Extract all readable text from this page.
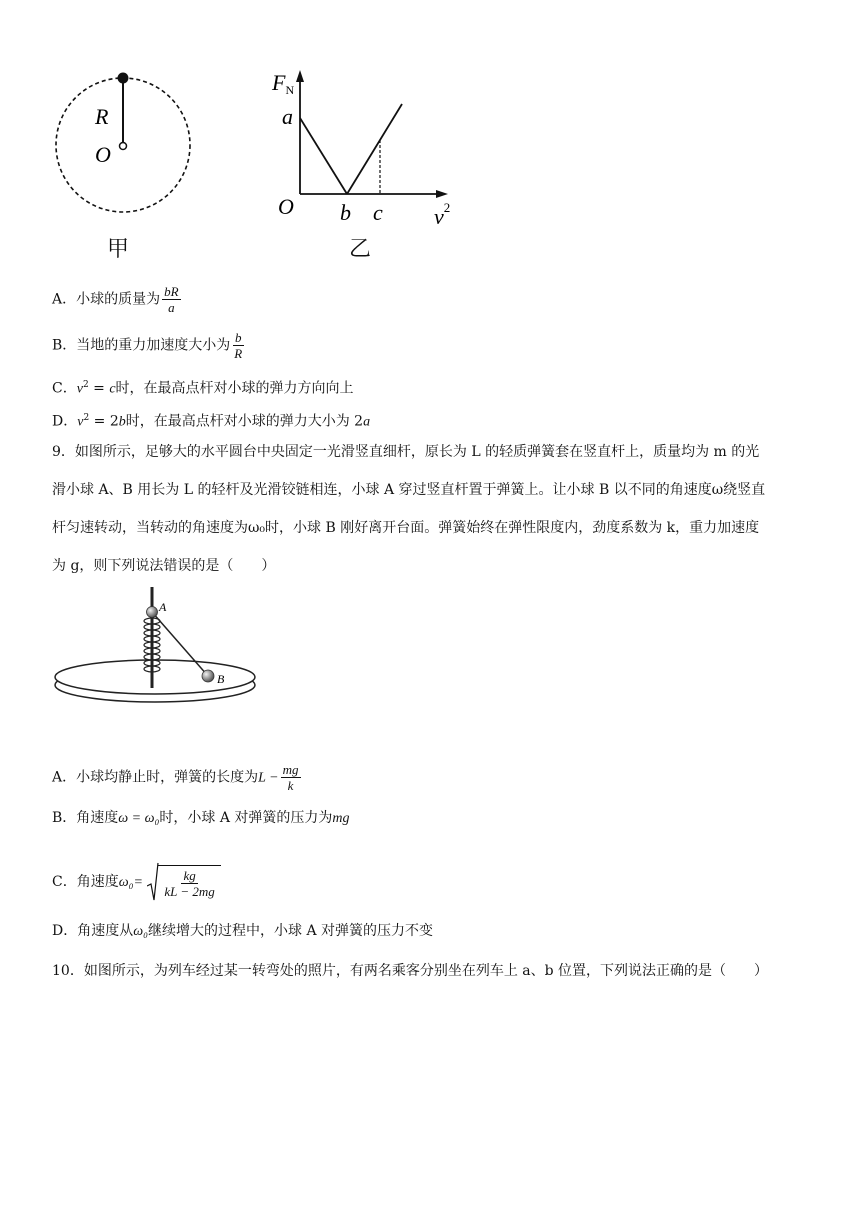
R
O
甲
FN
a
O b c $v^2$
乙
A．小球的质量为 $\frac{bR}{a}$
B．当地的重力加速度大小为 $\frac{b}{R}$
C．$v^2 = c$时，在最高点杆对小球的弹力方向向上
D．$v^2 = 2b$时，在最高点杆对小球的弹力大小为 2a
9．如图所示，足够大的水平圆台中央固定一光滑竖直细杆，原长为 L 的轻质弹簧套在竖直杆上，质量均为 m 的光
滑小球 A、B 用长为 L 的轻杆及光滑铰链相连，小球 A 穿过竖直杆置于弹簧上。让小球 B 以不同的角速度ω绕竖直
杆匀速转动，当转动的角速度为ω₀时，小球 B 刚好离开台面。弹簧始终在弹性限度内，劲度系数为 k，重力加速度
为 g，则下列说法错误的是（　　）
A
B
A．小球均静止时，弹簧的长度为$L - \frac{mg}{k}$
B．角速度ω = ω₀时，小球 A 对弹簧的压力为mg
C．角速度$\omega_0= \frac{kg}{kL - 2mg}$
D．角速度从ω₀继续增大的过程中，小球 A 对弹簧的压力不变
10．如图所示，为列车经过某一转弯处的照片，有两名乘客分别坐在列车上 a、b 位置，下列说法正确的是（　　）
